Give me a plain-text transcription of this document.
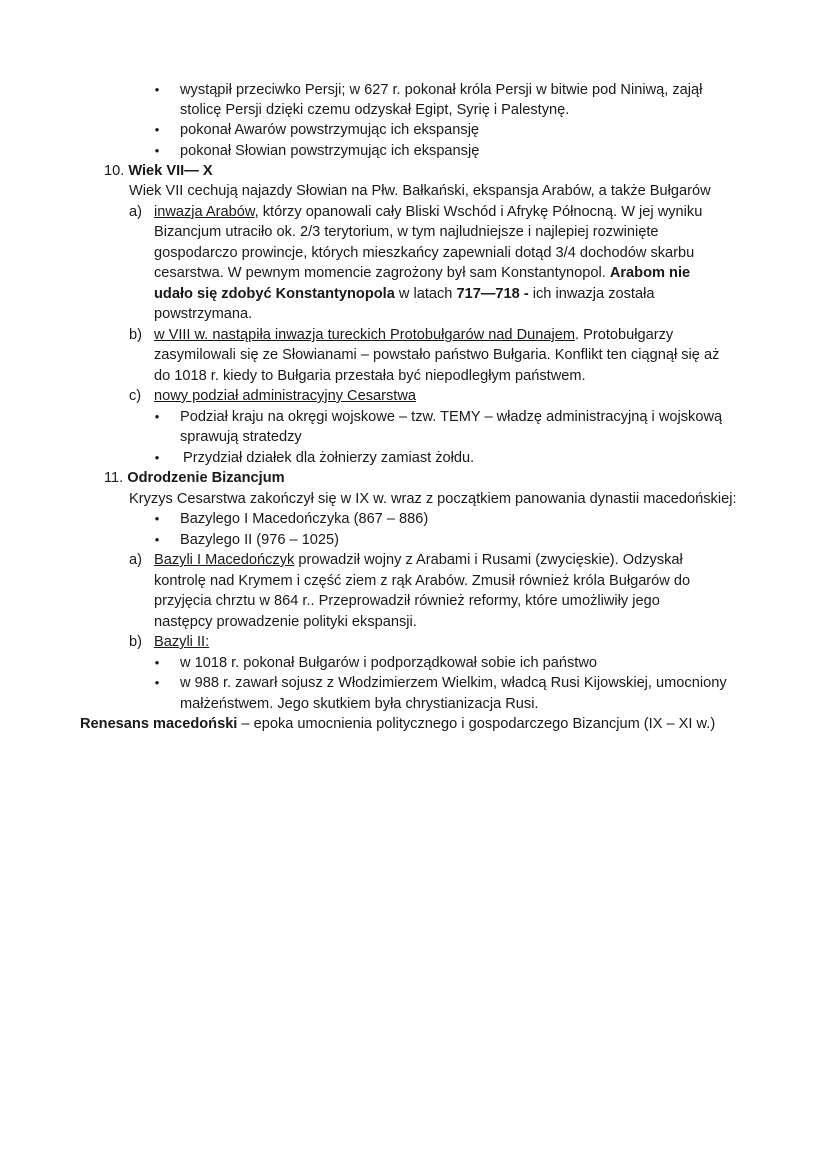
• wystąpił przeciwko Persji; w 627 r. pokonał króla Persji w bitwie pod Niniwą, zajął
stolicę Persji dzięki czemu odzyskał Egipt, Syrię i Palestynę.
• pokonał Awarów powstrzymując ich ekspansję
• pokonał Słowian powstrzymując ich ekspansję
10. Wiek VII— X
Wiek VII cechują najazdy Słowian na Płw. Bałkański, ekspansja Arabów, a także Bułgarów
a) inwazja Arabów, którzy opanowali cały Bliski Wschód i Afrykę Północną. W jej wyniku
Bizancjum utraciło ok. 2/3 terytorium, w tym najludniejsze i najlepiej rozwinięte
gospodarczo prowincje, których mieszkańcy zapewniali dotąd 3/4 dochodów skarbu
cesarstwa. W pewnym momencie zagrożony był sam Konstantynopol. Arabom nie
udało się zdobyć Konstantynopola w latach 717—718 - ich inwazja została
powstrzymana.
b) w VIII w. nastąpiła inwazja tureckich Protobułgarów nad Dunajem. Protobułgarzy
zasymilowali się ze Słowianami – powstało państwo Bułgaria. Konflikt ten ciągnął się aż
do 1018 r. kiedy to Bułgaria przestała być niepodległym państwem.
c) nowy podział administracyjny Cesarstwa
• Podział kraju na okręgi wojskowe – tzw. TEMY – władzę administracyjną i wojskową
sprawują stratedzy
• Przydział działek dla żołnierzy zamiast żołdu.
11. Odrodzenie Bizancjum
Kryzys Cesarstwa zakończył się w IX w. wraz z początkiem panowania dynastii macedońskiej:
• Bazylego I Macedończyka (867 – 886)
• Bazylego II (976 – 1025)
a) Bazyli I Macedończyk prowadził wojny z Arabami i Rusami (zwycięskie). Odzyskał
kontrolę nad Krymem i część ziem z rąk Arabów. Zmusił również króla Bułgarów do
przyjęcia chrztu w 864 r.. Przeprowadził również reformy, które umożliwiły jego
następcy prowadzenie polityki ekspansji.
b) Bazyli II:
• w 1018 r. pokonał Bułgarów i podporządkował sobie ich państwo
• w 988 r. zawarł sojusz z Włodzimierzem Wielkim, władcą Rusi Kijowskiej, umocniony
małżeństwem. Jego skutkiem była chrystianizacja Rusi.
Renesans macedoński – epoka umocnienia politycznego i gospodarczego Bizancjum (IX – XI w.)
